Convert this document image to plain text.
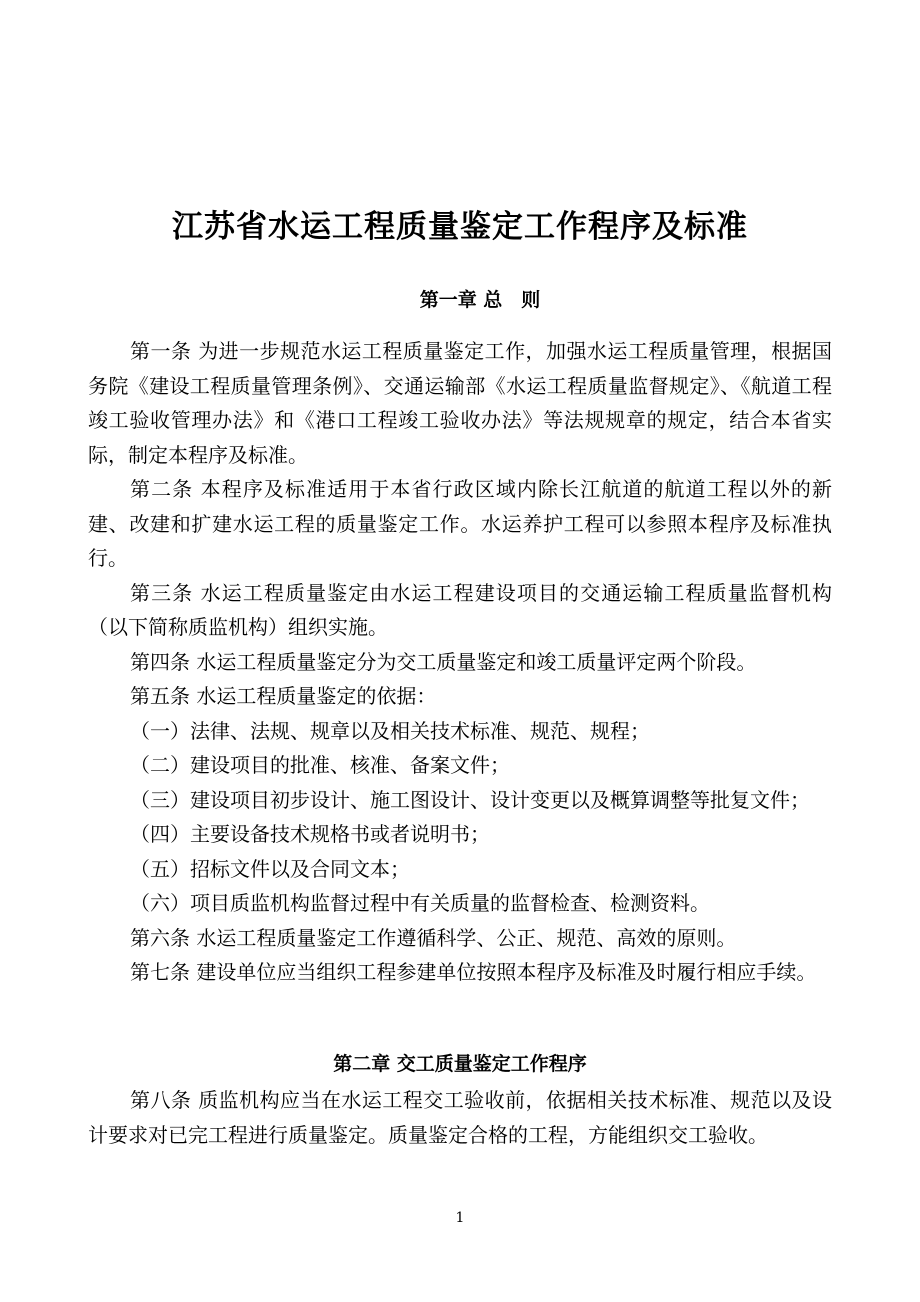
江苏省水运工程质量鉴定工作程序及标准
第一章 总　则

第一条 为进一步规范水运工程质量鉴定工作，加强水运工程质量管理，根据国务院《建设工程质量管理条例》、交通运输部《水运工程质量监督规定》、《航道工程竣工验收管理办法》和《港口工程竣工验收办法》等法规规章的规定，结合本省实际，制定本程序及标准。

第二条 本程序及标准适用于本省行政区域内除长江航道的航道工程以外的新建、改建和扩建水运工程的质量鉴定工作。水运养护工程可以参照本程序及标准执行。

第三条 水运工程质量鉴定由水运工程建设项目的交通运输工程质量监督机构（以下简称质监机构）组织实施。

第四条 水运工程质量鉴定分为交工质量鉴定和竣工质量评定两个阶段。

第五条 水运工程质量鉴定的依据：

（一）法律、法规、规章以及相关技术标准、规范、规程；

（二）建设项目的批准、核准、备案文件；

（三）建设项目初步设计、施工图设计、设计变更以及概算调整等批复文件；

（四）主要设备技术规格书或者说明书；

（五）招标文件以及合同文本；

（六）项目质监机构监督过程中有关质量的监督检查、检测资料。

第六条 水运工程质量鉴定工作遵循科学、公正、规范、高效的原则。

第七条 建设单位应当组织工程参建单位按照本程序及标准及时履行相应手续。

第二章 交工质量鉴定工作程序

第八条 质监机构应当在水运工程交工验收前，依据相关技术标准、规范以及设计要求对已完工程进行质量鉴定。质量鉴定合格的工程，方能组织交工验收。

1
